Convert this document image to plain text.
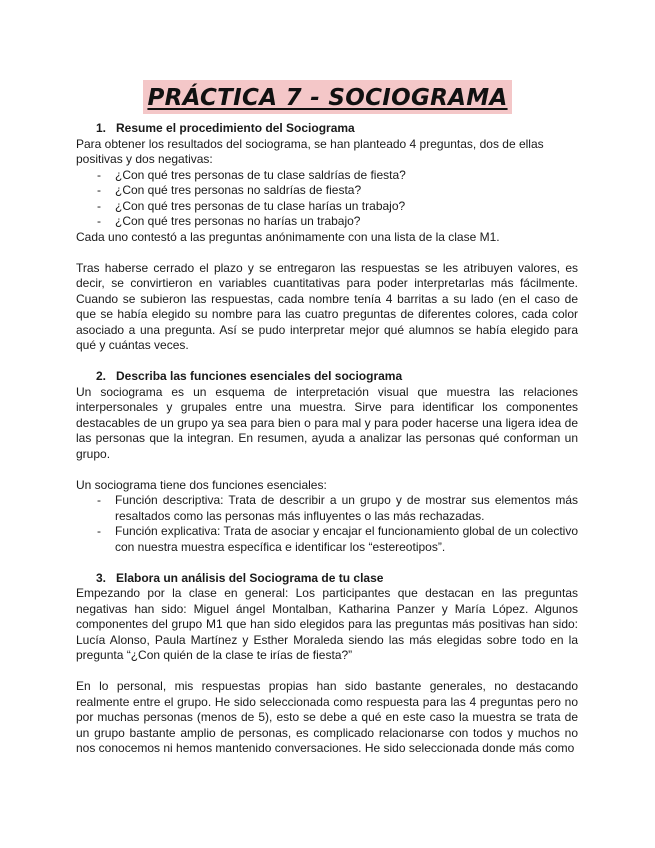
PRÁCTICA 7 - SOCIOGRAMA

1. Resume el procedimiento del Sociograma

Para obtener los resultados del sociograma, se han planteado 4 preguntas, dos de ellas positivas y dos negativas:

- ¿Con qué tres personas de tu clase saldrías de fiesta?
- ¿Con qué tres personas no saldrías de fiesta?
- ¿Con qué tres personas de tu clase harías un trabajo?
- ¿Con qué tres personas no harías un trabajo?

Cada uno contestó a las preguntas anónimamente con una lista de la clase M1.

Tras haberse cerrado el plazo y se entregaron las respuestas se les atribuyen valores, es decir, se convirtieron en variables cuantitativas para poder interpretarlas más fácilmente. Cuando se subieron las respuestas, cada nombre tenía 4 barritas a su lado (en el caso de que se había elegido su nombre para las cuatro preguntas de diferentes colores, cada color asociado a una pregunta. Así se pudo interpretar mejor qué alumnos se había elegido para qué y cuántas veces.

2. Describa las funciones esenciales del sociograma

Un sociograma es un esquema de interpretación visual que muestra las relaciones interpersonales y grupales entre una muestra. Sirve para identificar los componentes destacables de un grupo ya sea para bien o para mal y para poder hacerse una ligera idea de las personas que la integran. En resumen, ayuda a analizar las personas qué conforman un grupo.

Un sociograma tiene dos funciones esenciales:

- Función descriptiva: Trata de describir a un grupo y de mostrar sus elementos más resaltados como las personas más influyentes o las más rechazadas.
- Función explicativa: Trata de asociar y encajar el funcionamiento global de un colectivo con nuestra muestra específica e identificar los “estereotipos”.

3. Elabora un análisis del Sociograma de tu clase

Empezando por la clase en general: Los participantes que destacan en las preguntas negativas han sido: Miguel ángel Montalban, Katharina Panzer y María López. Algunos componentes del grupo M1 que han sido elegidos para las preguntas más positivas han sido: Lucía Alonso, Paula Martínez y Esther Moraleda siendo las más elegidas sobre todo en la pregunta “¿Con quién de la clase te irías de fiesta?”

En lo personal, mis respuestas propias han sido bastante generales, no destacando realmente entre el grupo. He sido seleccionada como respuesta para las 4 preguntas pero no por muchas personas (menos de 5), esto se debe a qué en este caso la muestra se trata de un grupo bastante amplio de personas, es complicado relacionarse con todos y muchos no nos conocemos ni hemos mantenido conversaciones. He sido seleccionada donde más como
